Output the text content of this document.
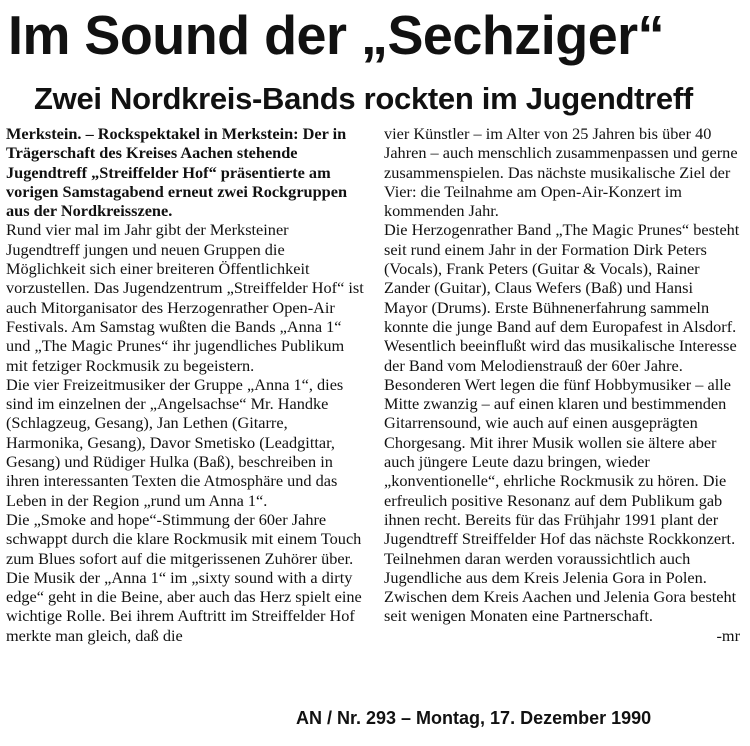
Im Sound der „Sechziger“
Zwei Nordkreis-Bands rockten im Jugendtreff

Merkstein. – Rockspektakel in Merkstein: Der in Trägerschaft des Kreises Aachen stehende Jugendtreff „Streiffelder Hof“ präsentierte am vorigen Samstagabend erneut zwei Rockgruppen aus der Nordkreisszene.

Rund vier mal im Jahr gibt der Merksteiner Jugendtreff jungen und neuen Gruppen die Möglichkeit sich einer breiteren Öffentlichkeit vorzustellen. Das Jugendzentrum „Streiffelder Hof“ ist auch Mitorganisator des Herzogenrather Open-Air Festivals. Am Samstag wußten die Bands „Anna 1“ und „The Magic Prunes“ ihr jugendliches Publikum mit fetziger Rockmusik zu begeistern.

Die vier Freizeitmusiker der Gruppe „Anna 1“, dies sind im einzelnen der „Angelsachse“ Mr. Handke (Schlagzeug, Gesang), Jan Lethen (Gitarre, Harmonika, Gesang), Davor Smetisko (Leadgittar, Gesang) und Rüdiger Hulka (Baß), beschreiben in ihren interessanten Texten die Atmosphäre und das Leben in der Region „rund um Anna 1“.

Die „Smoke and hope“-Stimmung der 60er Jahre schwappt durch die klare Rockmusik mit einem Touch zum Blues sofort auf die mitgerissenen Zuhörer über. Die Musik der „Anna 1“ im „sixty sound with a dirty edge“ geht in die Beine, aber auch das Herz spielt eine wichtige Rolle. Bei ihrem Auftritt im Streiffelder Hof merkte man gleich, daß die

vier Künstler – im Alter von 25 Jahren bis über 40 Jahren – auch menschlich zusammenpassen und gerne zusammenspielen. Das nächste musikalische Ziel der Vier: die Teilnahme am Open-Air-Konzert im kommenden Jahr.

Die Herzogenrather Band „The Magic Prunes“ besteht seit rund einem Jahr in der Formation Dirk Peters (Vocals), Frank Peters (Guitar & Vocals), Rainer Zander (Guitar), Claus Wefers (Baß) und Hansi Mayor (Drums). Erste Bühnenerfahrung sammeln konnte die junge Band auf dem Europafest in Alsdorf. Wesentlich beeinflußt wird das musikalische Interesse der Band vom Melodienstrauß der 60er Jahre. Besonderen Wert legen die fünf Hobbymusiker – alle Mitte zwanzig – auf einen klaren und bestimmenden Gitarrensound, wie auch auf einen ausgeprägten Chorgesang. Mit ihrer Musik wollen sie ältere aber auch jüngere Leute dazu bringen, wieder „konventionelle“, ehrliche Rockmusik zu hören. Die erfreulich positive Resonanz auf dem Publikum gab ihnen recht. Bereits für das Frühjahr 1991 plant der Jugendtreff Streiffelder Hof das nächste Rockkonzert. Teilnehmen daran werden voraussichtlich auch Jugendliche aus dem Kreis Jelenia Gora in Polen. Zwischen dem Kreis Aachen und Jelenia Gora besteht seit wenigen Monaten eine Partnerschaft.

-mr

AN / Nr. 293 – Montag, 17. Dezember 1990
